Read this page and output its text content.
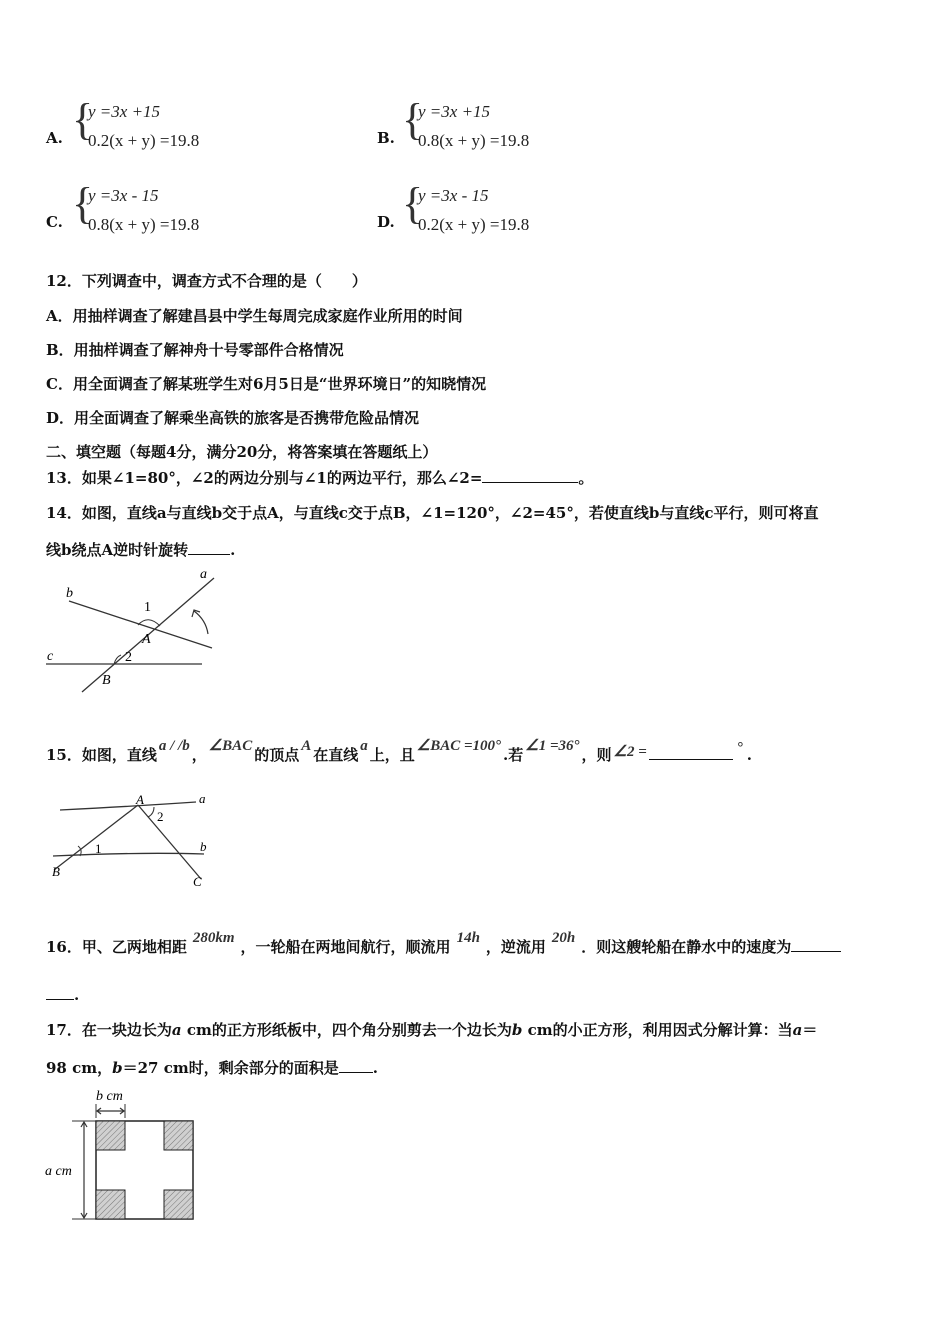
A. {
y =3x +15
0.2(x + y) =19.8	B. {
y =3x +15
0.8(x + y) =19.8
C. {
y =3x - 15
0.8(x + y) =19.8	D. {
y =3x - 15
0.2(x + y) =19.8
12．下列调查中，调查方式不合理的是（　　）
A．用抽样调查了解建昌县中学生每周完成家庭作业所用的时间
B．用抽样调查了解神舟十号零部件合格情况
C．用全面调查了解某班学生对6月5日是“世界环境日”的知晓情况
D．用全面调查了解乘坐高铁的旅客是否携带危险品情况
二、填空题（每题4分，满分20分，将答案填在答题纸上）
13．如果∠1=80°，∠2的两边分别与∠1的两边平行，那么∠2=	。
14．如图，直线a与直线b交于点A，与直线c交于点B，∠1=120°，∠2=45°，若使直线b与直线c平行，则可将直
线b绕点A逆时针旋转	.
a
b
c
1
2
A
B
15．如图，直线 a / /b ， ∠BAC 的顶点 A 在直线 a 上，且 ∠BAC =100° .若 ∠1 =36° ，则 ∠2 =	° .
A	a
2
1	b
B
C
16．甲、乙两地相距 280km ，一轮船在两地间航行，顺流用 14h ，逆流用 20h ．则这艘轮船在静水中的速度为
.
17．在一块边长为a cm的正方形纸板中，四个角分别剪去一个边长为b cm的小正方形，利用因式分解计算：当a＝
98 cm，b＝27 cm时，剩余部分的面积是 .
b cm
a cm
